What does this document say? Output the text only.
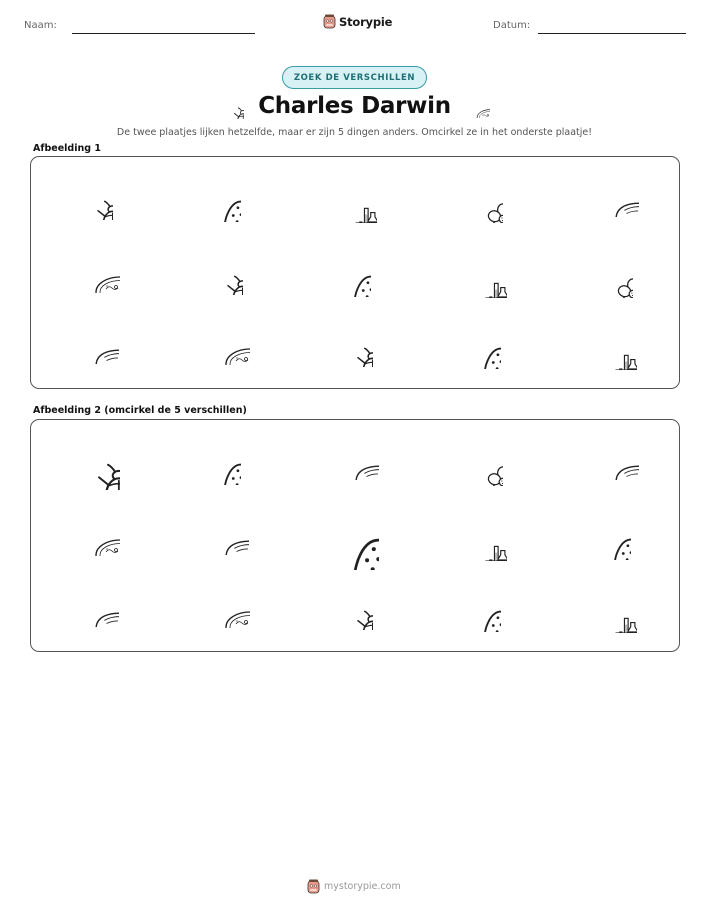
Naam:	Storypie	Datum:
ZOEK DE VERSCHILLEN
Charles Darwin
De twee plaatjes lijken hetzelfde, maar er zijn 5 dingen anders. Omcirkel ze in het onderste plaatje!
Afbeelding 1
Afbeelding 2 (omcirkel de 5 verschillen)
mystorypie.com
